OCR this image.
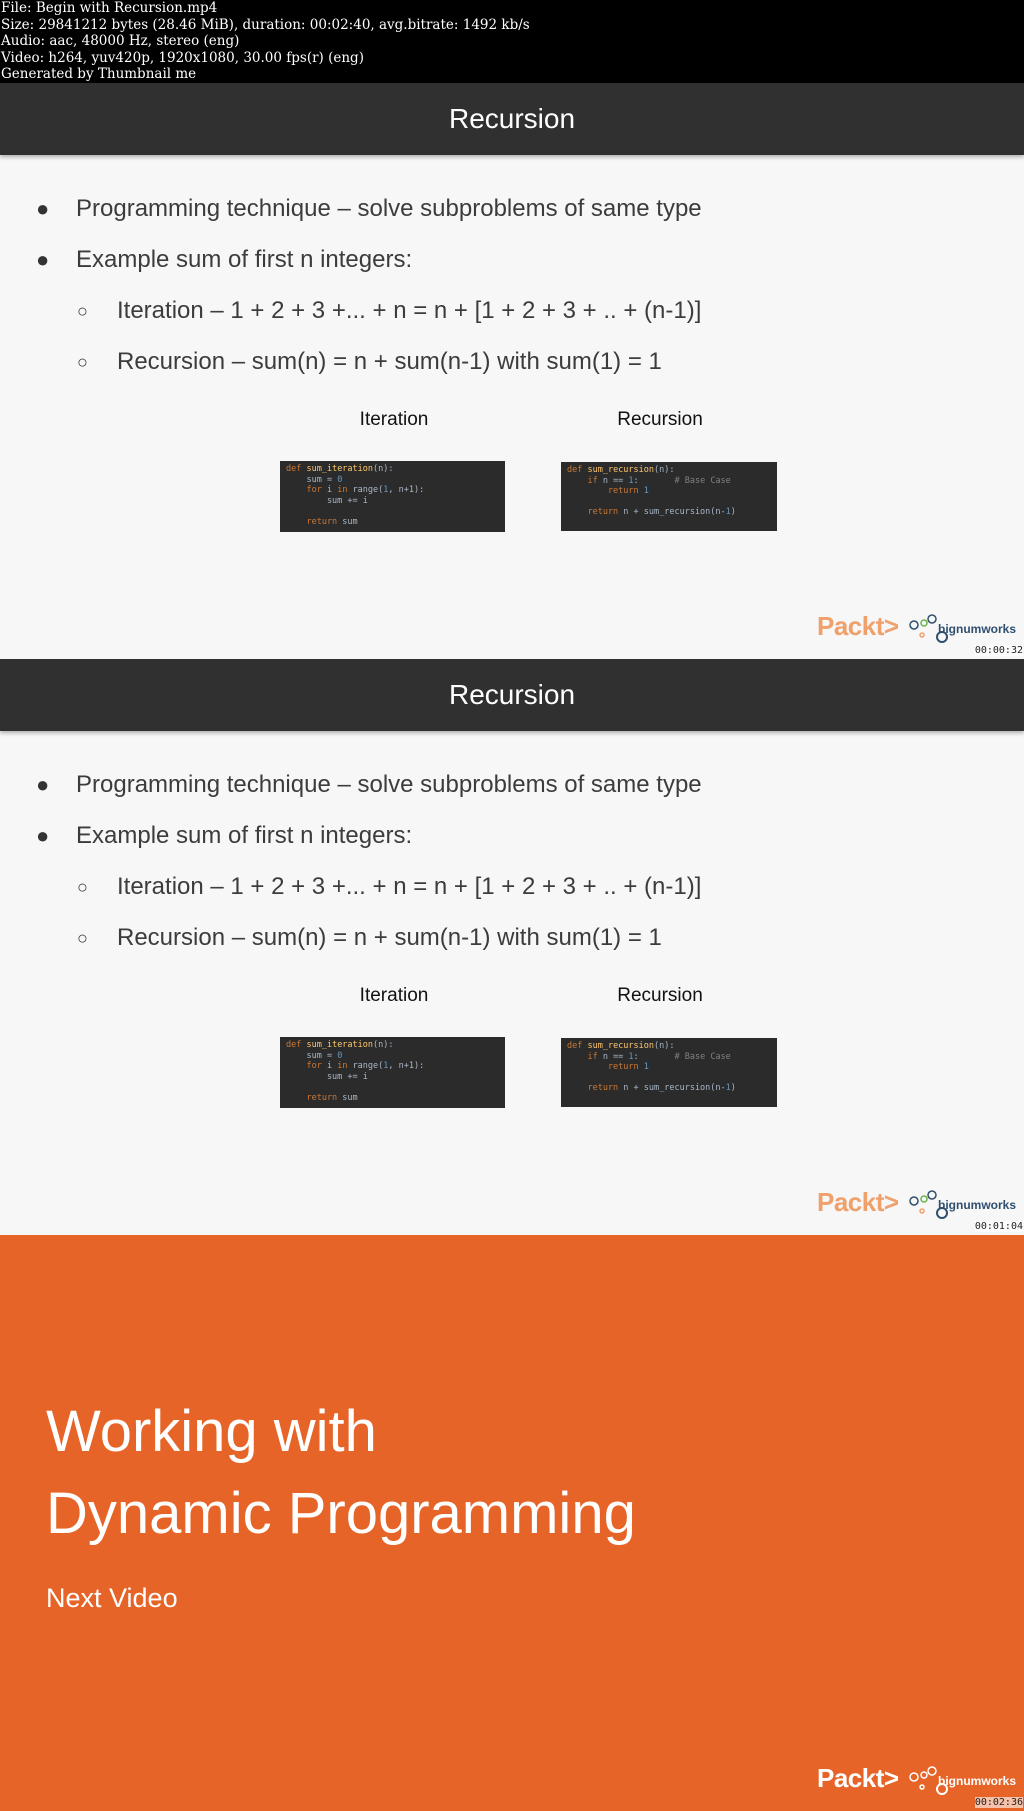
File: Begin with Recursion.mp4
Size: 29841212 bytes (28.46 MiB), duration: 00:02:40, avg.bitrate: 1492 kb/s
Audio: aac, 48000 Hz, stereo (eng)
Video: h264, yuv420p, 1920x1080, 30.00 fps(r) (eng)
Generated by Thumbnail me
Recursion
● Programming technique – solve subproblems of same type
● Example sum of first n integers:
○ Iteration – 1 + 2 + 3 +... + n = n + [1 + 2 + 3 + .. + (n-1)]
○ Recursion – sum(n) = n + sum(n-1) with sum(1) = 1
Iteration	Recursion
def sum_iteration(n):
sum = 0
for i in range(1, n+1):
sum += i

return sum
def sum_recursion(n):
if n == 1:       # Base Case
return 1

return n + sum_recursion(n-1)
Packt>	bignumworks
00:00:32
Recursion
● Programming technique – solve subproblems of same type
● Example sum of first n integers:
○ Iteration – 1 + 2 + 3 +... + n = n + [1 + 2 + 3 + .. + (n-1)]
○ Recursion – sum(n) = n + sum(n-1) with sum(1) = 1
Iteration	Recursion
def sum_iteration(n):
sum = 0
for i in range(1, n+1):
sum += i

return sum
def sum_recursion(n):
if n == 1:       # Base Case
return 1

return n + sum_recursion(n-1)
Packt>	bignumworks
00:01:04
Working with
Dynamic Programming
Next Video
Packt>	bignumworks
00:02:36
